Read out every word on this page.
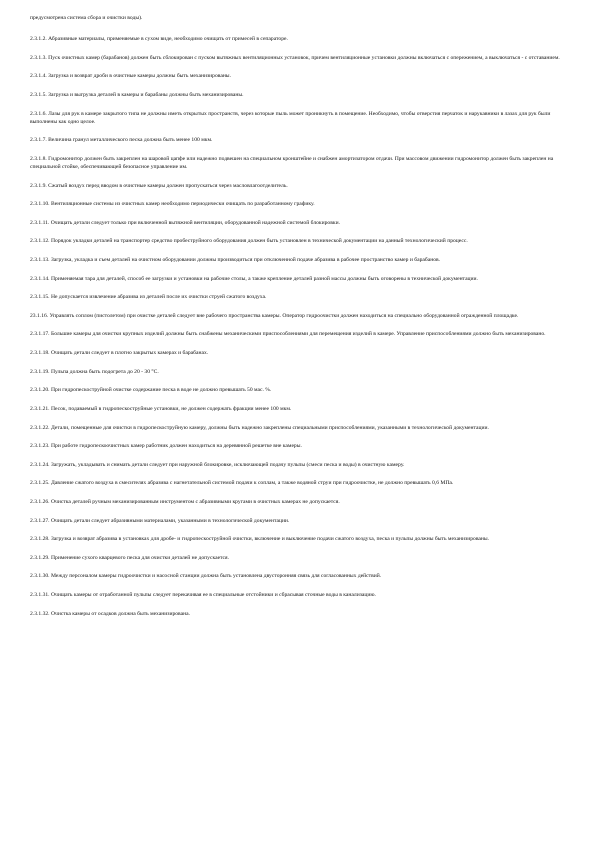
предусмотрена система сбора и очистки воды).

2.3.1.2. Абразивные материалы, применяемые в сухом виде, необходимо очищать от примесей в сепараторе.

2.3.1.3. Пуск очистных камер (барабанов) должен быть сблокирован с пуском вытяжных вентиляционных установок, причем вентиляционные установки должны включаться с опережением, а выключаться - с отставанием.

2.3.1.4. Загрузка и возврат дроби в очистные камеры должны быть механизированы.

2.3.1.5. Загрузка и выгрузка деталей в камеры и барабаны должны быть механизированы.

2.3.1.6. Лазы для рук в камере закрытого типа не должны иметь открытых пространств, через которые пыль может проникнуть в помещение. Необходимо, чтобы отверстия перчаток и нарукавники в лазах для рук были выполнены как одно целое.

2.3.1.7. Величина гранул металлического песка должна быть менее 100 мкм.

2.3.1.8. Гидромонитор должен быть закреплен на шаровой цапфе или надежно подвешен на специальном кронштейне и снабжен амортизатором отдачи. При массовом движении гидромонитор должен быть закреплен на специальной стойке, обеспечивающей безопасное управление им.

2.3.1.9. Сжатый воздух перед вводом в очистные камеры должен пропускаться через масловлагоотделитель.

2.3.1.10. Вентиляционные системы из очистных камер необходимо периодически очищать по разработанному графику.

2.3.1.11. Очищать детали следует только при включенной вытяжной вентиляции, оборудованной надежной системой блокировки.

2.3.1.12. Порядок укладки деталей на транспортер средство пробеструйного оборудования должен быть установлен в технической документации на данный технологический процесс.

2.3.1.13. Загрузка, укладка и съем деталей на очистном оборудовании должны производиться при отключенной подаче абразива в рабочее пространство камер и барабанов.

2.3.1.14. Применяемая тара для деталей, способ ее загрузки и установки на рабочие столы, а также крепление деталей разной массы должны быть оговорены в технической документации.

2.3.1.15. Не допускается извлечение абразива из деталей после их очистки струей сжатого воздуха.

23.1.16. Управлять соплом (пистолетом) при очистке деталей следует вне рабочего пространства камеры. Оператор гидроочистки должен находиться на специально оборудованной огражденной площадке.

2.3.1.17. Большие камеры для очистки крупных изделий должны быть снабжены механическими приспособлениями для перемещения изделий в камере. Управление приспособлениями должно быть механизировано.

2.3.1.18. Очищать детали следует в плотно закрытых камерах и барабанах.

2.3.1.19. Пульпа должна быть подогрета до 20 - 30 °С.

2.3.1.20. При гидропескоструйной очистке содержание песка в воде не должно превышать 50 мас. %.

2.3.1.21. Песок, подаваемый в гидропескоструйные установки, не должен содержать фракции менее 100 мкм.

2.3.1.22. Детали, помещенные для очистки в гидропескоструйную камеру, должны быть надежно закреплены специальными приспособлениями, указанными в технологической документации.

2.3.1.23. При работе гидропескоочистных камер работник должен находиться на деревянной решетке вне камеры.

2.3.1.24. Загружать, укладывать и снимать детали следует при наружной блокировке, исключающей подачу пульпы (смеси песка и воды) в очистную камеру.

2.3.1.25. Давление сжатого воздуха в смесителях абразива с нагнетательной системой подачи к соплам, а также водяной струи при гидроочистке, не должно превышать 0,6 МПа.

2.3.1.26. Очистка деталей ручным механизированным инструментом с абразивными кругами в очистных камерах не допускается.

2.3.1.27. Очищать детали следует абразивными материалами, указанными в технологической документации.

2.3.1.28. Загрузка и возврат абразива в установках для дробе- и гидропескоструйной очистки, включение и выключение подачи сжатого воздуха, песка и пульпы должны быть механизированы.

2.3.1.29. Применение сухого кварцевого песка для очистки деталей не допускается.

2.3.1.30. Между персоналом камеры гидроочистки и насосной станции должна быть установлена двусторонняя связь для согласованных действий.

2.3.1.31. Очищать камеры от отработанной пульпы следует перекачивая ее в специальные отстойники и сбрасывая сточные воды в канализацию.

2.3.1.32. Очистка камеры от осадков должна быть механизирована.
